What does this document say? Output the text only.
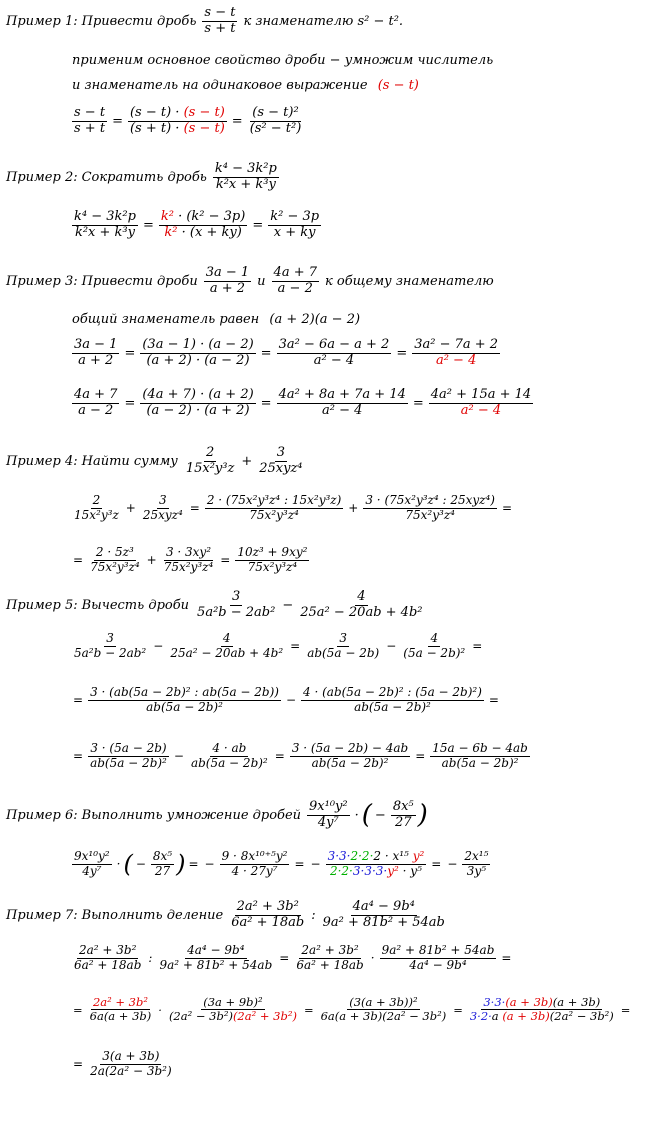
Пример 1: Привести дробь $\frac{s - t}{s + t}$ к знаменателю s² − t².
применим основное свойство дроби − умножим числитель
и знаменатель на одинаковое выражение (s − t)
$\frac{s - t}{s + t} = \frac{(s - t) \cdot (s - t)}{(s + t) \cdot (s - t)} = \frac{\text{(s − t)²}}{\text{(s² − t²)}}$
Пример 2: Сократить дробь $\frac{\text{k⁴ − 3k²p}}{\text{k²x + k³y}}$
$\frac{\text{k⁴ − 3k²p}}{\text{k²x + k³y}} = \frac{\text{k² · (k² − 3p)}}{\text{k² · (x + ky)}} = \frac{\text{k² − 3p}}{x + ky}$
Пример 3: Привести дроби $\frac{3a - 1}{a + 2}$ и $\frac{4a + 7}{a - 2}$ к общему знаменателю
общий знаменатель равен (a + 2)(a − 2)
$\frac{3a - 1}{a + 2} = \frac{(3a - 1) \cdot (a - 2)}{(a + 2) \cdot (a - 2)} = \frac{\text{3a² − 6a − a + 2}}{\text{a² − 4}} = \frac{\text{3a² − 7a + 2}}{\text{a² − 4}}$
$\frac{4a + 7}{a - 2} = \frac{(4a + 7) \cdot (a + 2)}{(a - 2) \cdot (a + 2)} = \frac{\text{4a² + 8a + 7a + 14}}{\text{a² − 4}} = \frac{\text{4a² + 15a + 14}}{\text{a² − 4}}$
Пример 4: Найти сумму $\frac{2}{\text{15x²y³z}} + \frac{3}{\text{25xyz⁴}}$
$\frac{2}{\text{15x²y³z}} + \frac{3}{\text{25xyz⁴}} = \frac{\text{2 · (75x²y³z⁴ : 15x²y³z)}}{\text{75x²y³z⁴}} + \frac{\text{3 · (75x²y³z⁴ : 25xyz⁴)}}{\text{75x²y³z⁴}}$ =
= $\frac{\text{2 · 5z³}}{\text{75x²y³z⁴}} + \frac{\text{3 · 3xy²}}{\text{75x²y³z⁴}} = \frac{\text{10z³ + 9xy²}}{\text{75x²y³z⁴}}$
Пример 5: Вычесть дроби $\frac{3}{\text{5a²b − 2ab²}} - \frac{4}{\text{25a² − 20ab + 4b²}}$
$\frac{3}{\text{5a²b − 2ab²}} - \frac{4}{\text{25a² − 20ab + 4b²}} = \frac{3}{ab(5a - 2b)} - \frac{4}{\text{(5a − 2b)²}}$ =
= $\frac{\text{3 · (ab(5a − 2b)² : ab(5a − 2b))}}{\text{ab(5a − 2b)²}} - \frac{\text{4 · (ab(5a − 2b)² : (5a − 2b)²)}}{\text{ab(5a − 2b)²}}$ =
= $\frac{3 \cdot (5a - 2b)}{\text{ab(5a − 2b)²}} - \frac{4 \cdot ab}{\text{ab(5a − 2b)²}} = \frac{3 \cdot (5a - 2b) - 4ab}{\text{ab(5a − 2b)²}} = \frac{15a - 6b - 4ab}{\text{ab(5a − 2b)²}}$
Пример 6: Выполнить умножение дробей $\frac{\text{9x¹⁰y²}}{\text{4y⁷}}$ · ( − $\frac{\text{8x⁵}}{27}$ )
$\frac{\text{9x¹⁰y²}}{\text{4y⁷}}$ · ( − $\frac{\text{8x⁵}}{27}$ ) = − $\frac{\text{9 · 8x¹⁰⁺⁵y²}}{\text{4 · 27y⁷}}$ = − $\frac{\text{3·3·2·2·2 · x¹⁵ y²}}{\text{2·2·3·3·3·y² · y⁵}}$ = − $\frac{\text{2x¹⁵}}{\text{3y⁵}}$
Пример 7: Выполнить деление $\frac{\text{2a² + 3b²}}{\text{6a² + 18ab}}$ : $\frac{\text{4a⁴ − 9b⁴}}{\text{9a² + 81b² + 54ab}}$
$\frac{\text{2a² + 3b²}}{\text{6a² + 18ab}}$ : $\frac{\text{4a⁴ − 9b⁴}}{\text{9a² + 81b² + 54ab}} = \frac{\text{2a² + 3b²}}{\text{6a² + 18ab}} \cdot \frac{\text{9a² + 81b² + 54ab}}{\text{4a⁴ − 9b⁴}}$ =
= $\frac{\text{2a² + 3b²}}{6a(a + 3b)} \cdot \frac{\text{(3a + 9b)²}}{\text{(2a² − 3b²)(2a² + 3b²)}} = \frac{\text{(3(a + 3b))²}}{\text{6a(a + 3b)(2a² − 3b²)}} = \frac{3\cdot 3\cdot(a + 3b)(a + 3b)}{\text{3·2·a (a + 3b)(2a² − 3b²)}}$ =
= $\frac{3(a + 3b)}{\text{2a(2a² − 3b²)}}$
